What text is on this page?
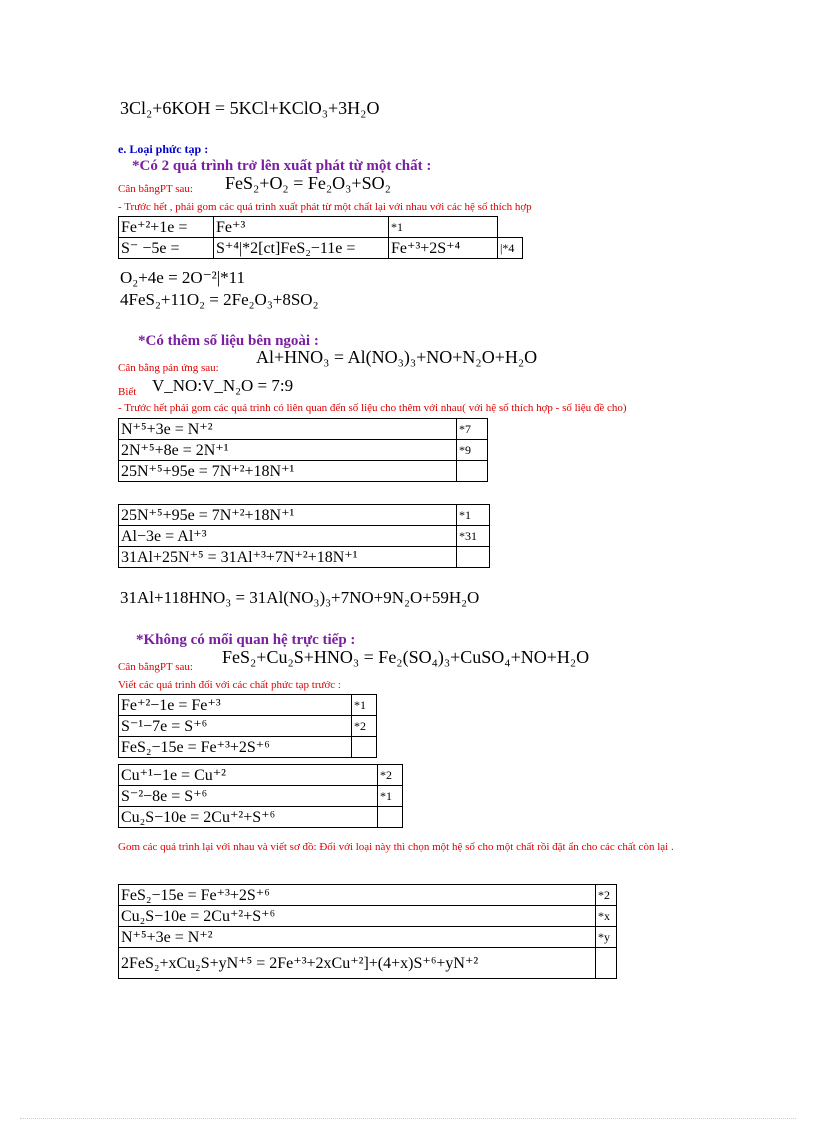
3Cl₂+6KOH = 5KCl+KClO₃+3H₂O
e. Loại phức tạp :
*Có 2 quá trình trở lên xuất phát từ một chất :
Cân bằngPT sau: FeS₂+O₂ = Fe₂O₃+SO₂
- Trước hết , phải gom các quá trình xuất phát từ một chất lại với nhau với các hệ số thích hợp
Fe⁺²+1e =	Fe⁺³	*1	
S⁻ −5e =	S⁺⁴|*2[ct]FeS₂−11e =	Fe⁺³+2S⁺⁴	|*4
O₂+4e = 2O⁻²|*11
4FeS₂+11O₂ = 2Fe₂O₃+8SO₂
*Có thêm số liệu bên ngoài :
Cân bằng pản ứng sau:
Al+HNO₃ = Al(NO₃)₃+NO+N₂O+H₂O
Biết V_NO:V_N₂O = 7:9
- Trước hết phải gom các quá trình có liên quan đến số liệu cho thêm với nhau( với hệ số thích hợp - số liệu đề cho)
N⁺⁵+3e = N⁺²	*7
2N⁺⁵+8e = 2N⁺¹	*9
25N⁺⁵+95e = 7N⁺²+18N⁺¹	
25N⁺⁵+95e = 7N⁺²+18N⁺¹	*1
Al−3e = Al⁺³	*31
31Al+25N⁺⁵ = 31Al⁺³+7N⁺²+18N⁺¹	
31Al+118HNO₃ = 31Al(NO₃)₃+7NO+9N₂O+59H₂O
*Không có mối quan hệ trực tiếp :
Cân bằngPT sau: FeS₂+Cu₂S+HNO₃ = Fe₂(SO₄)₃+CuSO₄+NO+H₂O
Viết các quá trình đối với các chất phức tạp trước :
Fe⁺²−1e = Fe⁺³	*1
S⁻¹−7e = S⁺⁶	*2
FeS₂−15e = Fe⁺³+2S⁺⁶	
Cu⁺¹−1e = Cu⁺²	*2
S⁻²−8e = S⁺⁶	*1
Cu₂S−10e = 2Cu⁺²+S⁺⁶	
Gom các quá trình lại với nhau và viết sơ đồ: Đối với loại này thì chọn một hệ số cho một chất rồi đặt ẩn cho các chất còn lại .
FeS₂−15e = Fe⁺³+2S⁺⁶	*2
Cu₂S−10e = 2Cu⁺²+S⁺⁶	*x
N⁺⁵+3e = N⁺²	*y
2FeS₂+xCu₂S+yN⁺⁵ = 2Fe⁺³+2xCu⁺²]+(4+x)S⁺⁶+yN⁺²	
